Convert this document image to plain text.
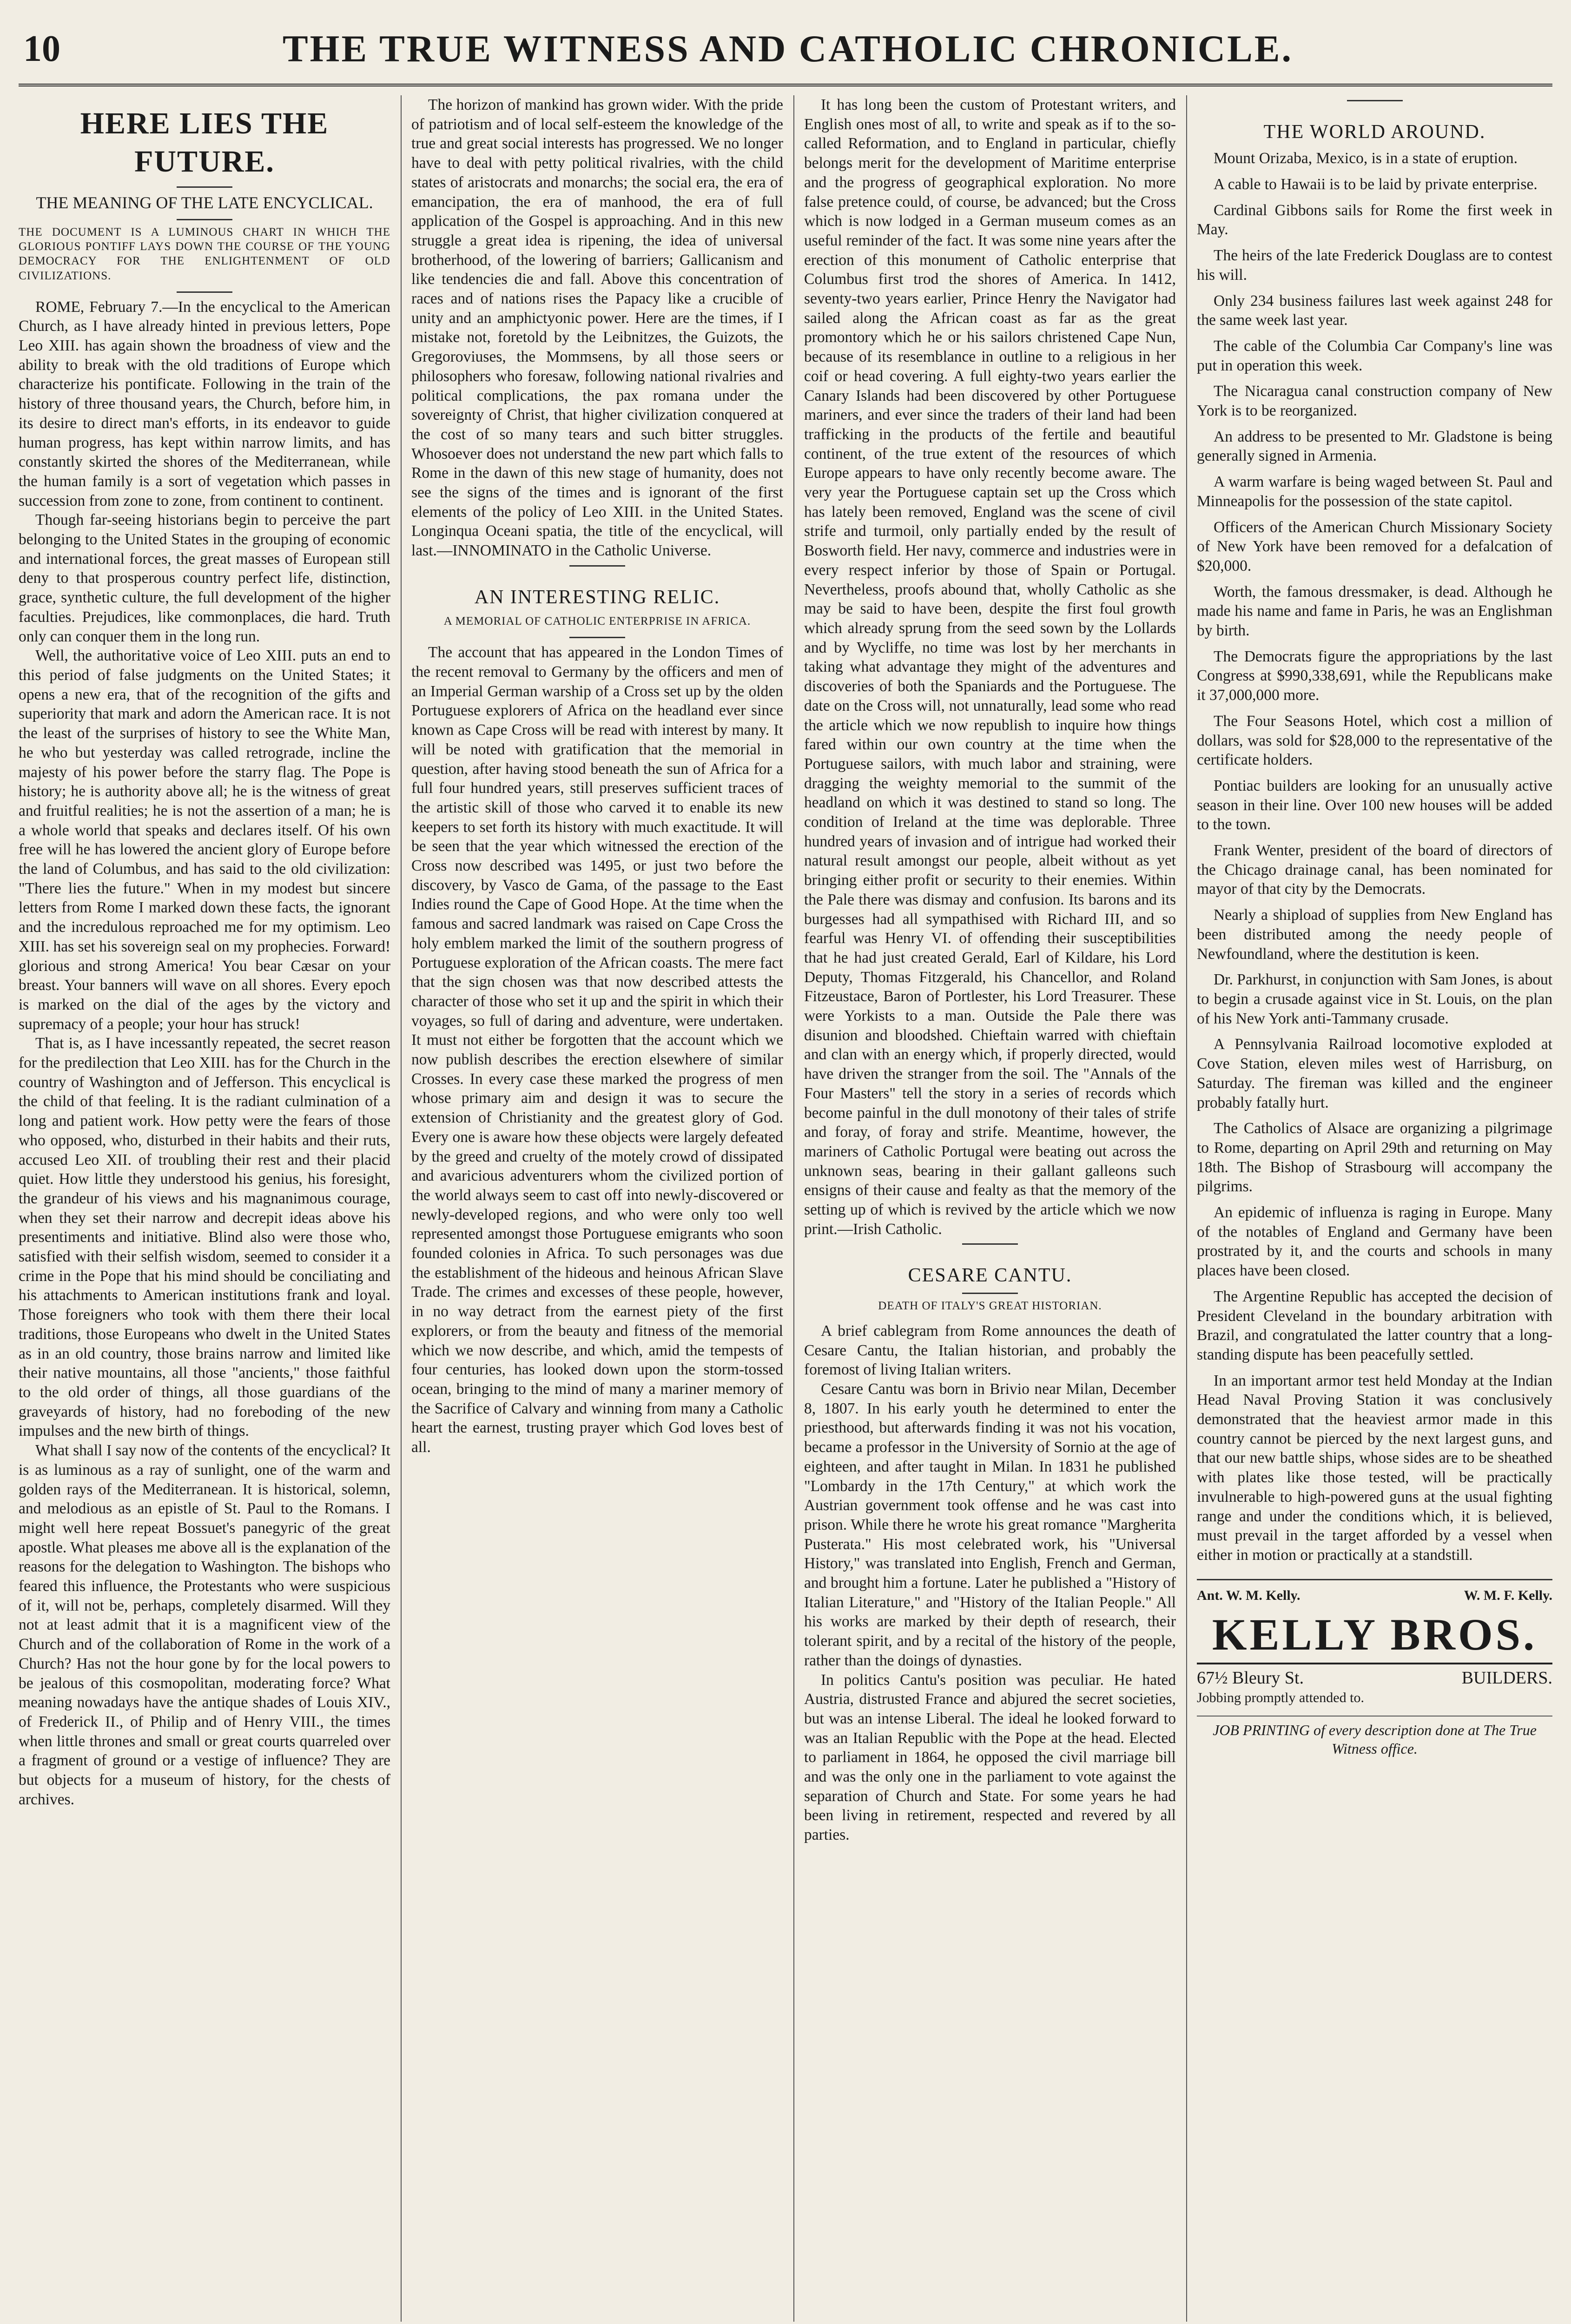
10	THE TRUE WITNESS AND CATHOLIC CHRONICLE.
HERE LIES THE FUTURE.
THE MEANING OF THE LATE ENCYCLICAL.
THE DOCUMENT IS A LUMINOUS CHART IN WHICH THE GLORIOUS PONTIFF LAYS DOWN THE COURSE OF THE YOUNG DEMOCRACY FOR THE ENLIGHTENMENT OF OLD CIVILIZATIONS.

ROME, February 7.—In the encyclical to the American Church, as I have already hinted in previous letters, Pope Leo XIII. has again shown the broadness of view and the ability to break with the old traditions of Europe which characterize his pontificate. Following in the train of the history of three thousand years, the Church, before him, in its desire to direct man's efforts, in its endeavor to guide human progress, has kept within narrow limits, and has constantly skirted the shores of the Mediterranean, while the human family is a sort of vegetation which passes in succession from zone to zone, from continent to continent.

Though far-seeing historians begin to perceive the part belonging to the United States in the grouping of economic and international forces, the great masses of European still deny to that prosperous country perfect life, distinction, grace, synthetic culture, the full development of the higher faculties. Prejudices, like commonplaces, die hard. Truth only can conquer them in the long run.

Well, the authoritative voice of Leo XIII. puts an end to this period of false judgments on the United States; it opens a new era, that of the recognition of the gifts and superiority that mark and adorn the American race. It is not the least of the surprises of history to see the White Man, he who but yesterday was called retrograde, incline the majesty of his power before the starry flag. The Pope is history; he is authority above all; he is the witness of great and fruitful realities; he is not the assertion of a man; he is a whole world that speaks and declares itself. Of his own free will he has lowered the ancient glory of Europe before the land of Columbus, and has said to the old civilization: "There lies the future." When in my modest but sincere letters from Rome I marked down these facts, the ignorant and the incredulous reproached me for my optimism. Leo XIII. has set his sovereign seal on my prophecies. Forward! glorious and strong America! You bear Cæsar on your breast. Your banners will wave on all shores. Every epoch is marked on the dial of the ages by the victory and supremacy of a people; your hour has struck!

That is, as I have incessantly repeated, the secret reason for the predilection that Leo XIII. has for the Church in the country of Washington and of Jefferson. This encyclical is the child of that feeling. It is the radiant culmination of a long and patient work. How petty were the fears of those who opposed, who, disturbed in their habits and their ruts, accused Leo XII. of troubling their rest and their placid quiet. How little they understood his genius, his foresight, the grandeur of his views and his magnanimous courage, when they set their narrow and decrepit ideas above his presentiments and initiative. Blind also were those who, satisfied with their selfish wisdom, seemed to consider it a crime in the Pope that his mind should be conciliating and his attachments to American institutions frank and loyal. Those foreigners who took with them there their local traditions, those Europeans who dwelt in the United States as in an old country, those brains narrow and limited like their native mountains, all those "ancients," those faithful to the old order of things, all those guardians of the graveyards of history, had no foreboding of the new impulses and the new birth of things.

What shall I say now of the contents of the encyclical? It is as luminous as a ray of sunlight, one of the warm and golden rays of the Mediterranean. It is historical, solemn, and melodious as an epistle of St. Paul to the Romans. I might well here repeat Bossuet's panegyric of the great apostle. What pleases me above all is the explanation of the reasons for the delegation to Washington. The bishops who feared this influence, the Protestants who were suspicious of it, will not be, perhaps, completely disarmed. Will they not at least admit that it is a magnificent view of the Church and of the collaboration of Rome in the work of a Church? Has not the hour gone by for the local powers to be jealous of this cosmopolitan, moderating force? What meaning nowadays have the antique shades of Louis XIV., of Frederick II., of Philip and of Henry VIII., the times when little thrones and small or great courts quarreled over a fragment of ground or a vestige of influence? They are but objects for a museum of history, for the chests of archives.

The horizon of mankind has grown wider. With the pride of patriotism and of local self-esteem the knowledge of the true and great social interests has progressed. We no longer have to deal with petty political rivalries, with the child states of aristocrats and monarchs; the social era, the era of emancipation, the era of manhood, the era of full application of the Gospel is approaching. And in this new struggle a great idea is ripening, the idea of universal brotherhood, of the lowering of barriers; Gallicanism and like tendencies die and fall. Above this concentration of races and of nations rises the Papacy like a crucible of unity and an amphictyonic power. Here are the times, if I mistake not, foretold by the Leibnitzes, the Guizots, the Gregoroviuses, the Mommsens, by all those seers or philosophers who foresaw, following national rivalries and political complications, the pax romana under the sovereignty of Christ, that higher civilization conquered at the cost of so many tears and such bitter struggles. Whosoever does not understand the new part which falls to Rome in the dawn of this new stage of humanity, does not see the signs of the times and is ignorant of the first elements of the policy of Leo XIII. in the United States. Longinqua Oceani spatia, the title of the encyclical, will last.—INNOMINATO in the Catholic Universe.

AN INTERESTING RELIC.
A MEMORIAL OF CATHOLIC ENTERPRISE IN AFRICA.

The account that has appeared in the London Times of the recent removal to Germany by the officers and men of an Imperial German warship of a Cross set up by the olden Portuguese explorers of Africa on the headland ever since known as Cape Cross will be read with interest by many. It will be noted with gratification that the memorial in question, after having stood beneath the sun of Africa for a full four hundred years, still preserves sufficient traces of the artistic skill of those who carved it to enable its new keepers to set forth its history with much exactitude. It will be seen that the year which witnessed the erection of the Cross now described was 1495, or just two before the discovery, by Vasco de Gama, of the passage to the East Indies round the Cape of Good Hope. At the time when the famous and sacred landmark was raised on Cape Cross the holy emblem marked the limit of the southern progress of Portuguese exploration of the African coasts. The mere fact that the sign chosen was that now described attests the character of those who set it up and the spirit in which their voyages, so full of daring and adventure, were undertaken. It must not either be forgotten that the account which we now publish describes the erection elsewhere of similar Crosses. In every case these marked the progress of men whose primary aim and design it was to secure the extension of Christianity and the greatest glory of God. Every one is aware how these objects were largely defeated by the greed and cruelty of the motely crowd of dissipated and avaricious adventurers whom the civilized portion of the world always seem to cast off into newly-discovered or newly-developed regions, and who were only too well represented amongst those Portuguese emigrants who soon founded colonies in Africa. To such personages was due the establishment of the hideous and heinous African Slave Trade. The crimes and excesses of these people, however, in no way detract from the earnest piety of the first explorers, or from the beauty and fitness of the memorial which we now describe, and which, amid the tempests of four centuries, has looked down upon the storm-tossed ocean, bringing to the mind of many a mariner memory of the Sacrifice of Calvary and winning from many a Catholic heart the earnest, trusting prayer which God loves best of all.

It has long been the custom of Protestant writers, and English ones most of all, to write and speak as if to the so-called Reformation, and to England in particular, chiefly belongs merit for the development of Maritime enterprise and the progress of geographical exploration. No more false pretence could, of course, be advanced; but the Cross which is now lodged in a German museum comes as an useful reminder of the fact. It was some nine years after the erection of this monument of Catholic enterprise that Columbus first trod the shores of America. In 1412, seventy-two years earlier, Prince Henry the Navigator had sailed along the African coast as far as the great promontory which he or his sailors christened Cape Nun, because of its resemblance in outline to a religious in her coif or head covering. A full eighty-two years earlier the Canary Islands had been discovered by other Portuguese mariners, and ever since the traders of their land had been trafficking in the products of the fertile and beautiful continent, of the true extent of the resources of which Europe appears to have only recently become aware. The very year the Portuguese captain set up the Cross which has lately been removed, England was the scene of civil strife and turmoil, only partially ended by the result of Bosworth field. Her navy, commerce and industries were in every respect inferior by those of Spain or Portugal. Nevertheless, proofs abound that, wholly Catholic as she may be said to have been, despite the first foul growth which already sprung from the seed sown by the Lollards and by Wycliffe, no time was lost by her merchants in taking what advantage they might of the adventures and discoveries of both the Spaniards and the Portuguese. The date on the Cross will, not unnaturally, lead some who read the article which we now republish to inquire how things fared within our own country at the time when the Portuguese sailors, with much labor and straining, were dragging the weighty memorial to the summit of the headland on which it was destined to stand so long. The condition of Ireland at the time was deplorable. Three hundred years of invasion and of intrigue had worked their natural result amongst our people, albeit without as yet bringing either profit or security to their enemies. Within the Pale there was dismay and confusion. Its barons and its burgesses had all sympathised with Richard III, and so fearful was Henry VI. of offending their susceptibilities that he had just created Gerald, Earl of Kildare, his Lord Deputy, Thomas Fitzgerald, his Chancellor, and Roland Fitzeustace, Baron of Portlester, his Lord Treasurer. These were Yorkists to a man. Outside the Pale there was disunion and bloodshed. Chieftain warred with chieftain and clan with an energy which, if properly directed, would have driven the stranger from the soil. The "Annals of the Four Masters" tell the story in a series of records which become painful in the dull monotony of their tales of strife and foray, of foray and strife. Meantime, however, the mariners of Catholic Portugal were beating out across the unknown seas, bearing in their gallant galleons such ensigns of their cause and fealty as that the memory of the setting up of which is revived by the article which we now print.—Irish Catholic.

CESARE CANTU.
DEATH OF ITALY'S GREAT HISTORIAN.

A brief cablegram from Rome announces the death of Cesare Cantu, the Italian historian, and probably the foremost of living Italian writers.

Cesare Cantu was born in Brivio near Milan, December 8, 1807. In his early youth he determined to enter the priesthood, but afterwards finding it was not his vocation, became a professor in the University of Sornio at the age of eighteen, and after taught in Milan. In 1831 he published "Lombardy in the 17th Century," at which work the Austrian government took offense and he was cast into prison. While there he wrote his great romance "Margherita Pusterata." His most celebrated work, his "Universal History," was translated into English, French and German, and brought him a fortune. Later he published a "History of Italian Literature," and "History of the Italian People." All his works are marked by their depth of research, their tolerant spirit, and by a recital of the history of the people, rather than the doings of dynasties.

In politics Cantu's position was peculiar. He hated Austria, distrusted France and abjured the secret societies, but was an intense Liberal. The ideal he looked forward to was an Italian Republic with the Pope at the head. Elected to parliament in 1864, he opposed the civil marriage bill and was the only one in the parliament to vote against the separation of Church and State. For some years he had been living in retirement, respected and revered by all parties.

THE WORLD AROUND.

Mount Orizaba, Mexico, is in a state of eruption.

A cable to Hawaii is to be laid by private enterprise.

Cardinal Gibbons sails for Rome the first week in May.

The heirs of the late Frederick Douglass are to contest his will.

Only 234 business failures last week against 248 for the same week last year.

The cable of the Columbia Car Company's line was put in operation this week.

The Nicaragua canal construction company of New York is to be reorganized.

An address to be presented to Mr. Gladstone is being generally signed in Armenia.

A warm warfare is being waged between St. Paul and Minneapolis for the possession of the state capitol.

Officers of the American Church Missionary Society of New York have been removed for a defalcation of $20,000.

Worth, the famous dressmaker, is dead. Although he made his name and fame in Paris, he was an Englishman by birth.

The Democrats figure the appropriations by the last Congress at $990,338,691, while the Republicans make it 37,000,000 more.

The Four Seasons Hotel, which cost a million of dollars, was sold for $28,000 to the representative of the certificate holders.

Pontiac builders are looking for an unusually active season in their line. Over 100 new houses will be added to the town.

Frank Wenter, president of the board of directors of the Chicago drainage canal, has been nominated for mayor of that city by the Democrats.

Nearly a shipload of supplies from New England has been distributed among the needy people of Newfoundland, where the destitution is keen.

Dr. Parkhurst, in conjunction with Sam Jones, is about to begin a crusade against vice in St. Louis, on the plan of his New York anti-Tammany crusade.

A Pennsylvania Railroad locomotive exploded at Cove Station, eleven miles west of Harrisburg, on Saturday. The fireman was killed and the engineer probably fatally hurt.

The Catholics of Alsace are organizing a pilgrimage to Rome, departing on April 29th and returning on May 18th. The Bishop of Strasbourg will accompany the pilgrims.

An epidemic of influenza is raging in Europe. Many of the notables of England and Germany have been prostrated by it, and the courts and schools in many places have been closed.

The Argentine Republic has accepted the decision of President Cleveland in the boundary arbitration with Brazil, and congratulated the latter country that a long-standing dispute has been peacefully settled.

In an important armor test held Monday at the Indian Head Naval Proving Station it was conclusively demonstrated that the heaviest armor made in this country cannot be pierced by the next largest guns, and that our new battle ships, whose sides are to be sheathed with plates like those tested, will be practically invulnerable to high-powered guns at the usual fighting range and under the conditions which, it is believed, must prevail in the target afforded by a vessel when either in motion or practically at a standstill.

Ant. W. M. Kelly.	W. M. F. Kelly.
KELLY BROS.
67½ Bleury St.	BUILDERS.
Jobbing promptly attended to.
JOB PRINTING of every description done at The True Witness office.
